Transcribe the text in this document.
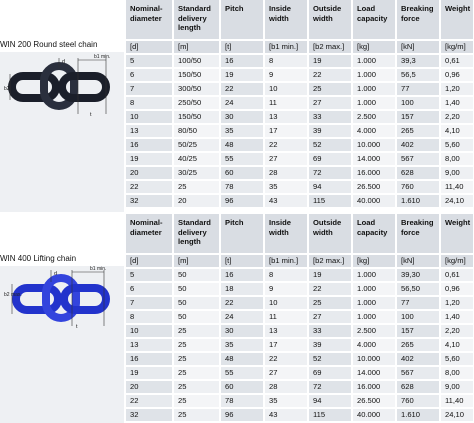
WIN 200 Round steel chain
d
b1 min.
t
b2
Nominal-diameter	Standard delivery length	Pitch	Inside width	Outside width	Load capacity	Breaking force	Weight
[d]	[m]	[t]	[b1 min.]	[b2 max.]	[kg]	[kN]	[kg/m]
5	100/50	16	8	19	1.000	39,3	0,61
6	150/50	19	9	22	1.000	56,5	0,96
7	300/50	22	10	25	1.000	77	1,20
8	250/50	24	11	27	1.000	100	1,40
10	150/50	30	13	33	2.500	157	2,20
13	80/50	35	17	39	4.000	265	4,10
16	50/25	48	22	52	10.000	402	5,60
19	40/25	55	27	69	14.000	567	8,00
20	30/25	60	28	72	16.000	628	9,00
22	25	78	35	94	26.500	760	11,40
32	20	96	43	115	40.000	1.610	24,10
WIN 400 Lifting chain
d
b1 min.
t
b2 max.
Nominal-diameter	Standard delivery length	Pitch	Inside width	Outside width	Load capacity	Breaking force	Weight
[d]	[m]	[t]	[b1 min.]	[b2 max.]	[kg]	[kN]	[kg/m]
5	50	16	8	19	1.000	39,30	0,61
6	50	18	9	22	1.000	56,50	0,96
7	50	22	10	25	1.000	77	1,20
8	50	24	11	27	1.000	100	1,40
10	25	30	13	33	2.500	157	2,20
13	25	35	17	39	4.000	265	4,10
16	25	48	22	52	10.000	402	5,60
19	25	55	27	69	14.000	567	8,00
20	25	60	28	72	16.000	628	9,00
22	25	78	35	94	26.500	760	11,40
32	25	96	43	115	40.000	1.610	24,10
